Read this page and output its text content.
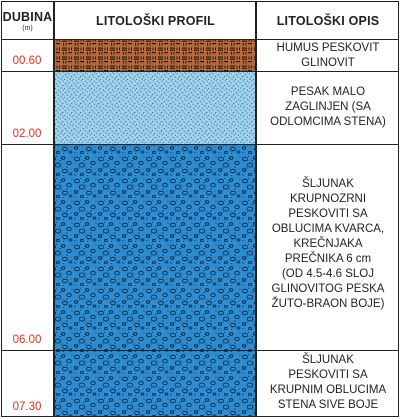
DUBINA
(m)
LITOLOŠKI PROFIL	LITOLOŠKI OPIS
00.60
02.00
06.00
07.30
HUMUS PESKOVIT
GLINOVIT
PESAK MALO
ZAGLINJEN (SA
ODLOMCIMA STENA)
ŠLJUNAK
KRUPNOZRNI
PESKOVITI SA
OBLUCIMA KVARCA,
KREČNJAKA
PREČNIKA 6 cm
(OD 4.5-4.6 SLOJ
GLINOVITOG PESKA
ŽUTO-BRAON BOJE)
ŠLJUNAK
PESKOVITI SA
KRUPNIM OBLUCIMA
STENA SIVE BOJE
